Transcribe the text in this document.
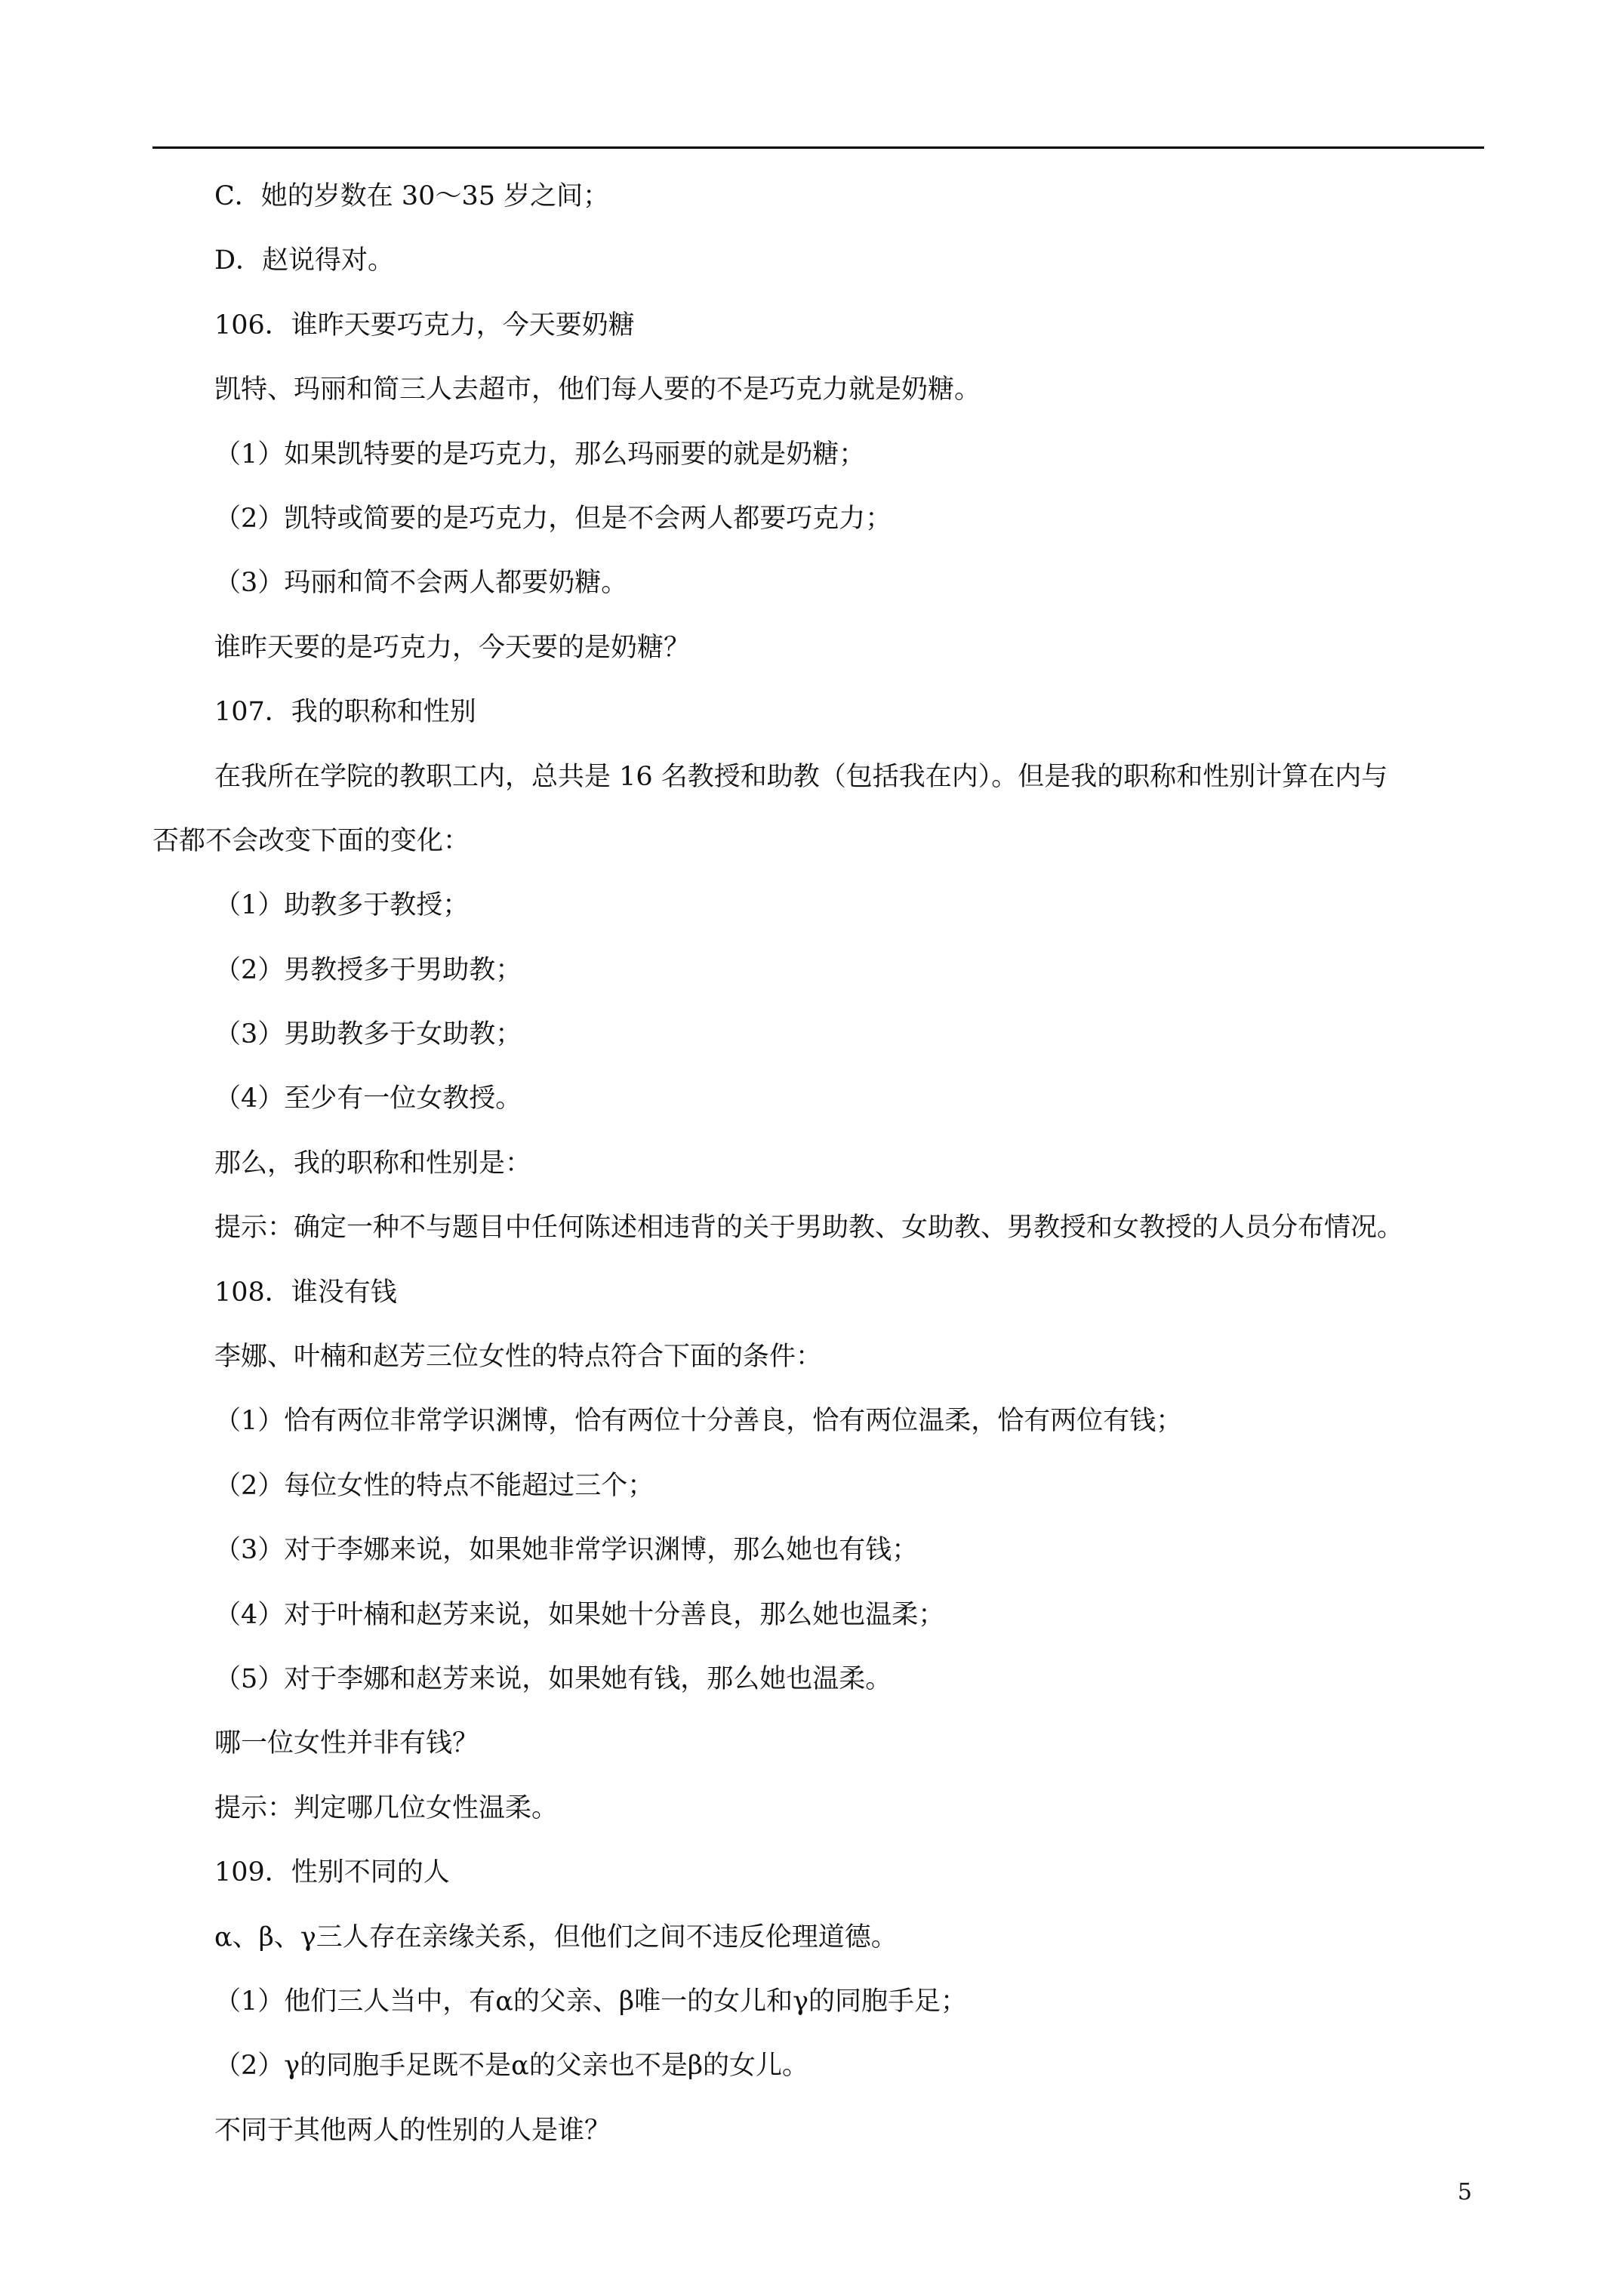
C．她的岁数在 30～35 岁之间；
D．赵说得对。
106．谁昨天要巧克力，今天要奶糖
凯特、玛丽和简三人去超市，他们每人要的不是巧克力就是奶糖。
（1）如果凯特要的是巧克力，那么玛丽要的就是奶糖；
（2）凯特或简要的是巧克力，但是不会两人都要巧克力；
（3）玛丽和简不会两人都要奶糖。
谁昨天要的是巧克力，今天要的是奶糖？
107．我的职称和性别
在我所在学院的教职工内，总共是 16 名教授和助教（包括我在内）。但是我的职称和性别计算在内与
否都不会改变下面的变化：
（1）助教多于教授；
（2）男教授多于男助教；
（3）男助教多于女助教；
（4）至少有一位女教授。
那么，我的职称和性别是：
提示：确定一种不与题目中任何陈述相违背的关于男助教、女助教、男教授和女教授的人员分布情况。
108．谁没有钱
李娜、叶楠和赵芳三位女性的特点符合下面的条件：
（1）恰有两位非常学识渊博，恰有两位十分善良，恰有两位温柔，恰有两位有钱；
（2）每位女性的特点不能超过三个；
（3）对于李娜来说，如果她非常学识渊博，那么她也有钱；
（4）对于叶楠和赵芳来说，如果她十分善良，那么她也温柔；
（5）对于李娜和赵芳来说，如果她有钱，那么她也温柔。
哪一位女性并非有钱？
提示：判定哪几位女性温柔。
109．性别不同的人
α、β、γ三人存在亲缘关系，但他们之间不违反伦理道德。
（1）他们三人当中，有α的父亲、β唯一的女儿和γ的同胞手足；
（2）γ的同胞手足既不是α的父亲也不是β的女儿。
不同于其他两人的性别的人是谁？
5
